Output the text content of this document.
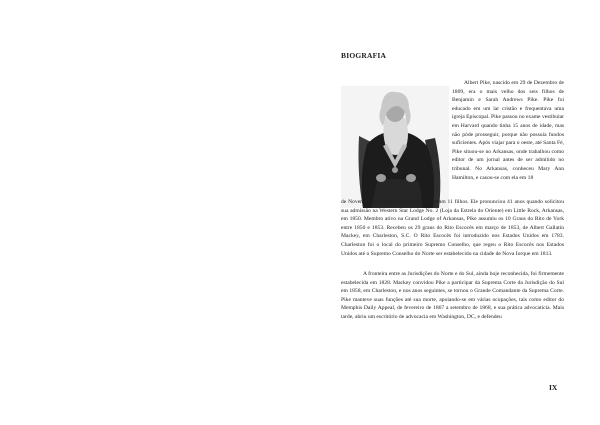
BIOGRAFIA
Albert Pike, nascido em 29 de Dezembro de 1809, era o mais velho dos seis filhos de Benjamin e Sarah Andrews Pike. Pike foi educado em um lar cristão e frequentava uma igreja Episcopal. Pike passou no exame vestibular em Harvard quando tinha 15 anos de idade, mas não pôde prosseguir, porque não possuía fundos suficientes. Após viajar para o oeste, até Santa Fé, Pike situou-se no Arkansas, onde trabalhou como editor de um jornal antes de ser admitido no tribunal. No Arkansas, conheceu Mary Ann Hamilton, e casou-se com ela em 18
de Novembro de 1834. Dessa união nasceram 11 filhos. Ele pronunciou 41 anos quando solicitou sua admissão na Western Star Lodge No. 2 (Loja da Estrela do Oriente) em Little Rock, Arkansas, em 1850. Membro ativo na Grand Lodge of Arkansas, Pike assumiu os 10 Graus do Rito de York entre 1850 e 1853. Recebeu os 29 graus do Rito Escocês em março de 1853, de Albert Gallatin Mackey, em Charleston, S.C. O Rito Escocês foi introduzido nos Estados Unidos em 1783. Charleston foi o local do primeiro Supremo Conselho, que regeu o Rito Escocês nos Estados Unidos até o Supremo Conselho do Norte ser estabelecido na cidade de Nova Iorque em 1813.
A fronteira entre as Jurisdições do Norte e do Sul, ainda hoje reconhecida, foi firmemente estabelecida em 1828. Mackey convidou Pike a participar da Suprema Corte da Jurisdição do Sul em 1858, em Charleston, e nos anos seguintes, se tornou o Grande Comandante da Suprema Corte. Pike manteve suas funções até sua morte, apoiando-se em várias ocupações, tais como editor do Memphis Daily Appeal, de fevereiro de 1867 a setembro de 1868, e sua prática advocatícia. Mais tarde, abriu um escritório de advocacia em Washington, DC, e defendeu
IX
